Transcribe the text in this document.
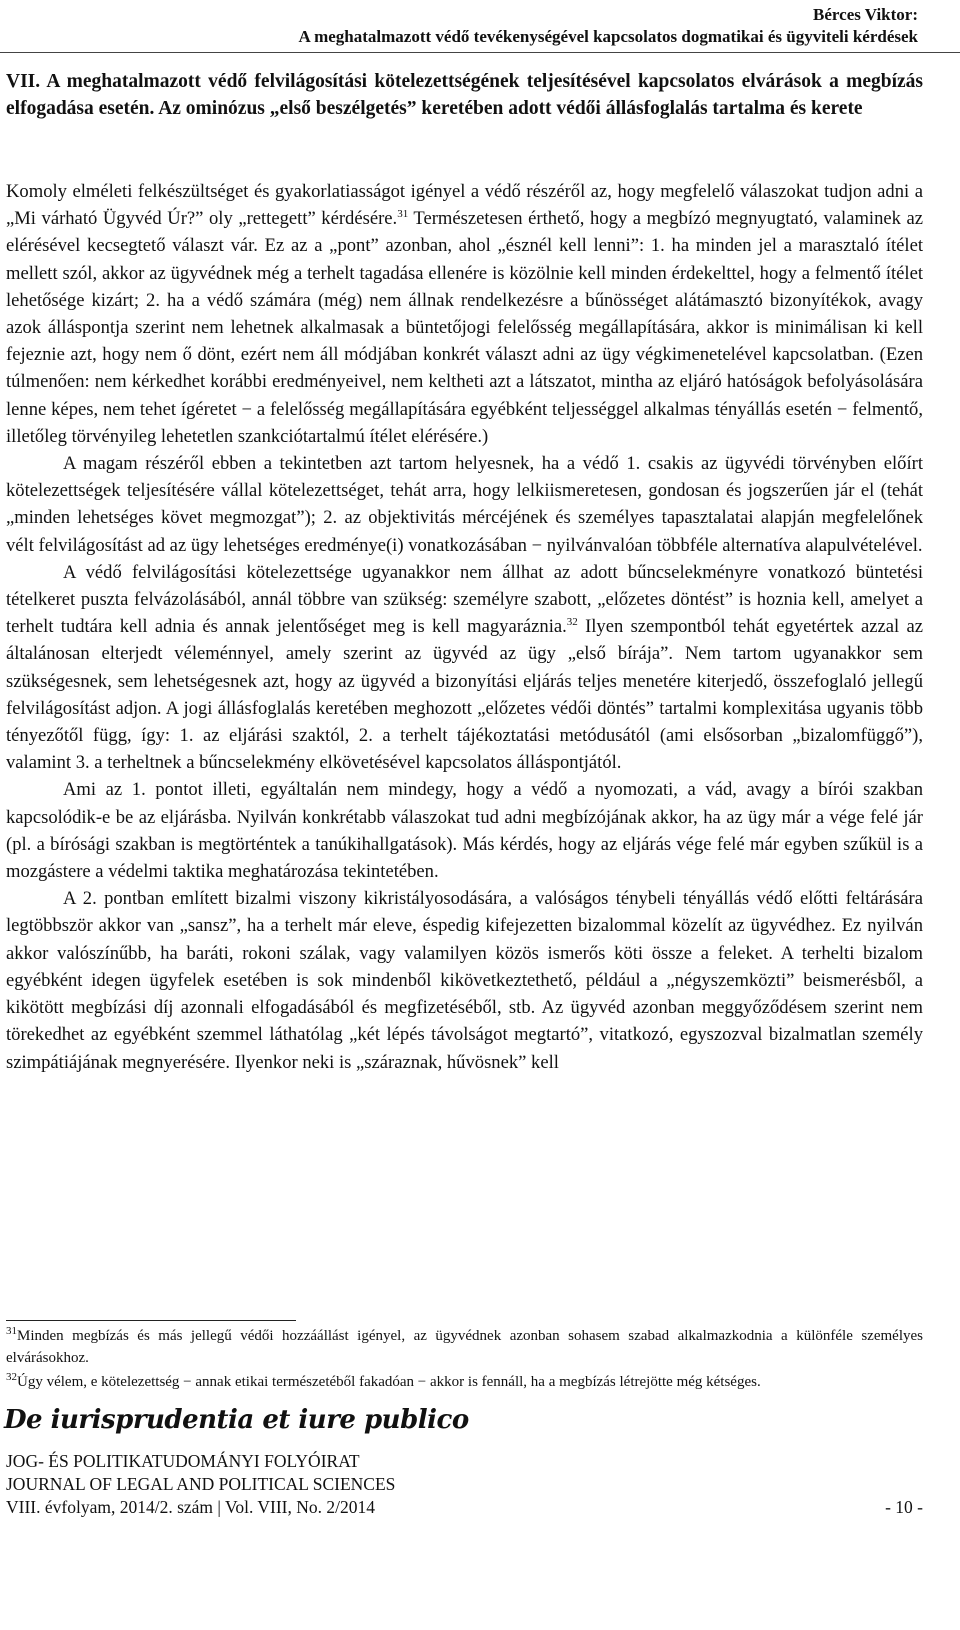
Bérces Viktor:
A meghatalmazott védő tevékenységével kapcsolatos dogmatikai és ügyviteli kérdések
VII. A meghatalmazott védő felvilágosítási kötelezettségének teljesítésével kapcsolatos elvárások a megbízás elfogadása esetén. Az ominózus „első beszélgetés” keretében adott védői állásfoglalás tartalma és kerete

Komoly elméleti felkészültséget és gyakorlatiasságot igényel a védő részéről az, hogy megfelelő válaszokat tudjon adni a „Mi várható Ügyvéd Úr?” oly „rettegett” kérdésére.$^{31}$ Természetesen érthető, hogy a megbízó megnyugtató, valaminek az elérésével kecsegtető választ vár. Ez az a „pont” azonban, ahol „észnél kell lenni”: 1. ha minden jel a marasztaló ítélet mellett szól, akkor az ügyvédnek még a terhelt tagadása ellenére is közölnie kell minden érdekelttel, hogy a felmentő ítélet lehetősége kizárt; 2. ha a védő számára (még) nem állnak rendelkezésre a bűnösséget alátámasztó bizonyítékok, avagy azok álláspontja szerint nem lehetnek alkalmasak a büntetőjogi felelősség megállapítására, akkor is minimálisan ki kell fejeznie azt, hogy nem ő dönt, ezért nem áll módjában konkrét választ adni az ügy végkimenetelével kapcsolatban. (Ezen túlmenően: nem kérkedhet korábbi eredményeivel, nem keltheti azt a látszatot, mintha az eljáró hatóságok befolyásolására lenne képes, nem tehet ígéretet − a felelősség megállapítására egyébként teljességgel alkalmas tényállás esetén − felmentő, illetőleg törvényileg lehetetlen szankciótartalmú ítélet elérésére.)

A magam részéről ebben a tekintetben azt tartom helyesnek, ha a védő 1. csakis az ügyvédi törvényben előírt kötelezettségek teljesítésére vállal kötelezettséget, tehát arra, hogy lelkiismeretesen, gondosan és jogszerűen jár el (tehát „minden lehetséges követ megmozgat”); 2. az objektivitás mércéjének és személyes tapasztalatai alapján megfelelőnek vélt felvilágosítást ad az ügy lehetséges eredménye(i) vonatkozásában − nyilvánvalóan többféle alternatíva alapulvételével.

A védő felvilágosítási kötelezettsége ugyanakkor nem állhat az adott bűncselekményre vonatkozó büntetési tételkeret puszta felvázolásából, annál többre van szükség: személyre szabott, „előzetes döntést” is hoznia kell, amelyet a terhelt tudtára kell adnia és annak jelentőséget meg is kell magyaráznia.$^{32}$ Ilyen szempontból tehát egyetértek azzal az általánosan elterjedt véleménnyel, amely szerint az ügyvéd az ügy „első bírája”. Nem tartom ugyanakkor sem szükségesnek, sem lehetségesnek azt, hogy az ügyvéd a bizonyítási eljárás teljes menetére kiterjedő, összefoglaló jellegű felvilágosítást adjon. A jogi állásfoglalás keretében meghozott „előzetes védői döntés” tartalmi komplexitása ugyanis több tényezőtől függ, így: 1. az eljárási szaktól, 2. a terhelt tájékoztatási metódusától (ami elsősorban „bizalomfüggő”), valamint 3. a terheltnek a bűncselekmény elkövetésével kapcsolatos álláspontjától.

Ami az 1. pontot illeti, egyáltalán nem mindegy, hogy a védő a nyomozati, a vád, avagy a bírói szakban kapcsolódik-e be az eljárásba. Nyilván konkrétabb válaszokat tud adni megbízójának akkor, ha az ügy már a vége felé jár (pl. a bírósági szakban is megtörténtek a tanúkihallgatások). Más kérdés, hogy az eljárás vége felé már egyben szűkül is a mozgástere a védelmi taktika meghatározása tekintetében.

A 2. pontban említett bizalmi viszony kikristályosodására, a valóságos ténybeli tényállás védő előtti feltárására legtöbbször akkor van „sansz”, ha a terhelt már eleve, éspedig kifejezetten bizalommal közelít az ügyvédhez. Ez nyilván akkor valószínűbb, ha baráti, rokoni szálak, vagy valamilyen közös ismerős köti össze a feleket. A terhelti bizalom egyébként idegen ügyfelek esetében is sok mindenből kikövetkeztethető, például a „négyszemközti” beismerésből, a kikötött megbízási díj azonnali elfogadásából és megfizetéséből, stb. Az ügyvéd azonban meggyőződésem szerint nem törekedhet az egyébként szemmel láthatólag „két lépés távolságot megtartó”, vitatkozó, egyszozval bizalmatlan személy szimpátiájának megnyerésére. Ilyenkor neki is „száraznak, hűvösnek” kell

$^{31}$Minden megbízás és más jellegű védői hozzáállást igényel, az ügyvédnek azonban sohasem szabad alkalmazkodnia a különféle személyes elvárásokhoz.

$^{32}$Úgy vélem, e kötelezettség − annak etikai természetéből fakadóan − akkor is fennáll, ha a megbízás létrejötte még kétséges.

De iurisprudentia et iure publico
JOG- ÉS POLITIKATUDOMÁNYI FOLYÓIRAT
JOURNAL OF LEGAL AND POLITICAL SCIENCES
VIII. évfolyam, 2014/2. szám | Vol. VIII, No. 2/2014	- 10 -
